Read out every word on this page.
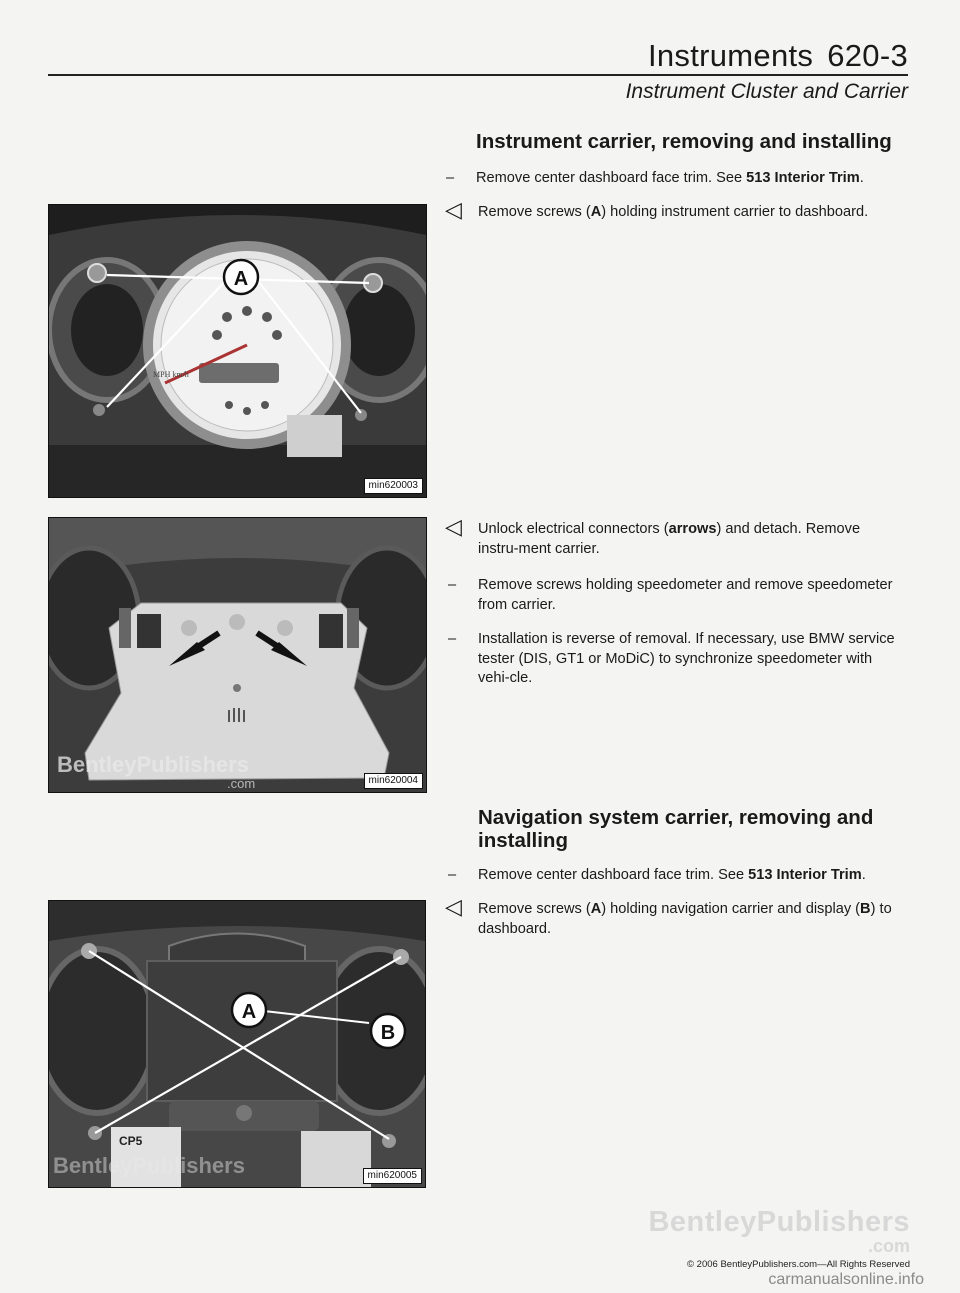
Instruments 620-3
Instrument Cluster and Carrier
Instrument carrier, removing and installing
– Remove center dashboard face trim. See 513 Interior Trim.
◁ Remove screws (A) holding instrument carrier to dashboard.
◁ Unlock electrical connectors (arrows) and detach. Remove instru-ment carrier.
– Remove screws holding speedometer and remove speedometer from carrier.
– Installation is reverse of removal. If necessary, use BMW service tester (DIS, GT1 or MoDiC) to synchronize speedometer with vehi-cle.
Navigation system carrier, removing and
installing
– Remove center dashboard face trim. See 513 Interior Trim.
◁ Remove screws (A) holding navigation carrier and display (B) to dashboard.
MPH km/h
A
min620003
BentleyPublishers
.com	min620004
CP5
A
B
BentleyPublishers	min620005
BentleyPublishers
.com
© 2006 BentleyPublishers.com—All Rights Reserved
carmanualsonline.info
